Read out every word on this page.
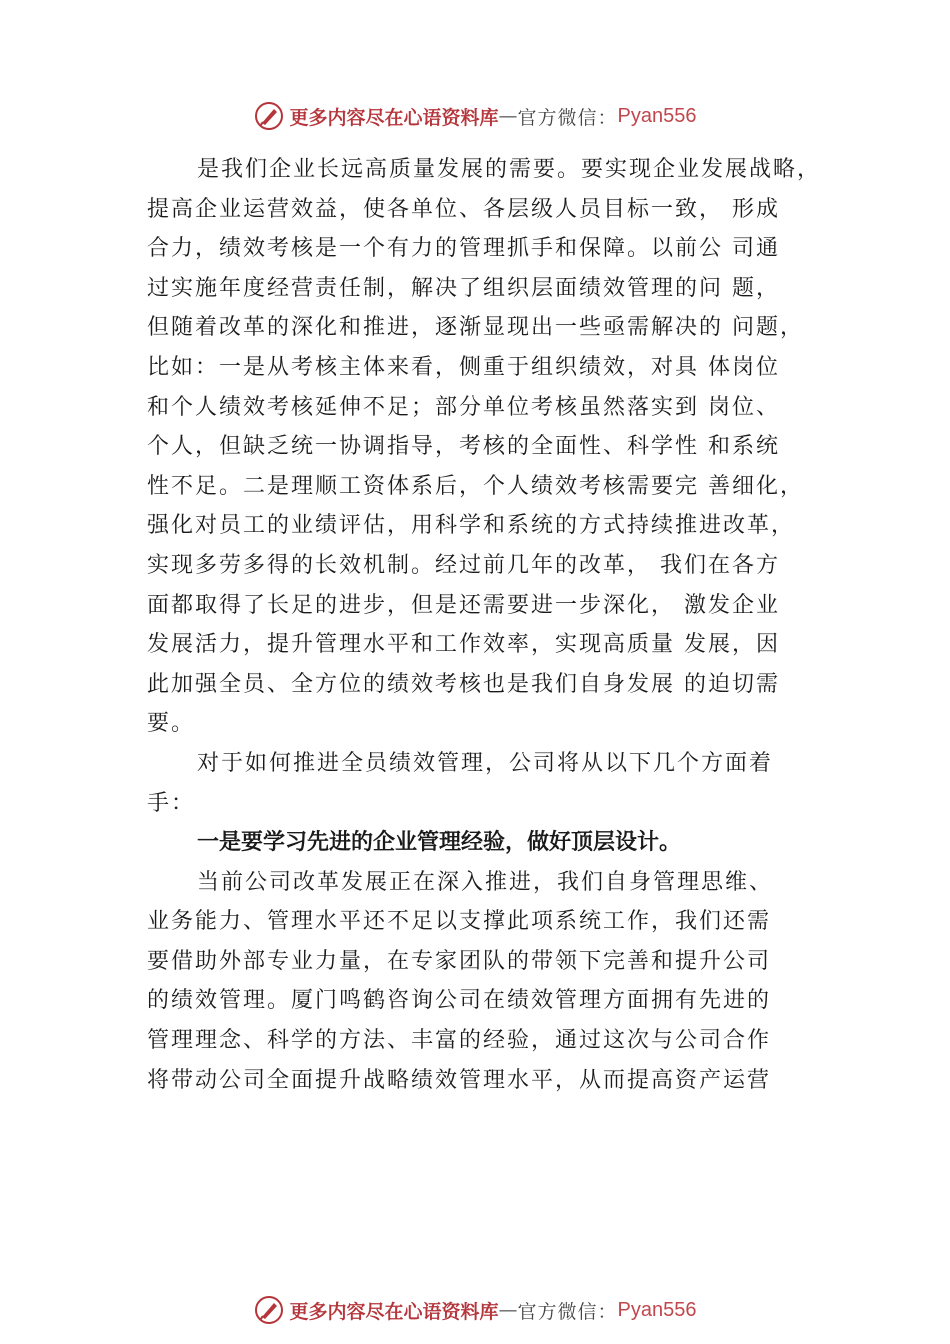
更多内容尽在心语资料库 — 官方微信： Pyan556
是我们企业长远高质量发展的需要。要实现企业发展战略，
提高企业运营效益，使各单位、各层级人员目标一致， 形成
合力，绩效考核是一个有力的管理抓手和保障。以前公 司通
过实施年度经营责任制，解决了组织层面绩效管理的问 题，
但随着改革的深化和推进，逐渐显现出一些亟需解决的 问题，
比如：一是从考核主体来看，侧重于组织绩效，对具 体岗位
和个人绩效考核延伸不足；部分单位考核虽然落实到 岗位、
个人，但缺乏统一协调指导，考核的全面性、科学性 和系统
性不足。二是理顺工资体系后，个人绩效考核需要完 善细化，
强化对员工的业绩评估，用科学和系统的方式持续推进改革，
实现多劳多得的长效机制。经过前几年的改革， 我们在各方
面都取得了长足的进步，但是还需要进一步深化， 激发企业
发展活力，提升管理水平和工作效率，实现高质量 发展，因
此加强全员、全方位的绩效考核也是我们自身发展 的迫切需
要。
对于如何推进全员绩效管理，公司将从以下几个方面着
手：
一是要学习先进的企业管理经验，做好顶层设计。
当前公司改革发展正在深入推进，我们自身管理思维、
业务能力、管理水平还不足以支撑此项系统工作，我们还需
要借助外部专业力量，在专家团队的带领下完善和提升公司
的绩效管理。厦门鸣鹤咨询公司在绩效管理方面拥有先进的
管理理念、科学的方法、丰富的经验，通过这次与公司合作
将带动公司全面提升战略绩效管理水平，从而提高资产运营
更多内容尽在心语资料库 — 官方微信： Pyan556
